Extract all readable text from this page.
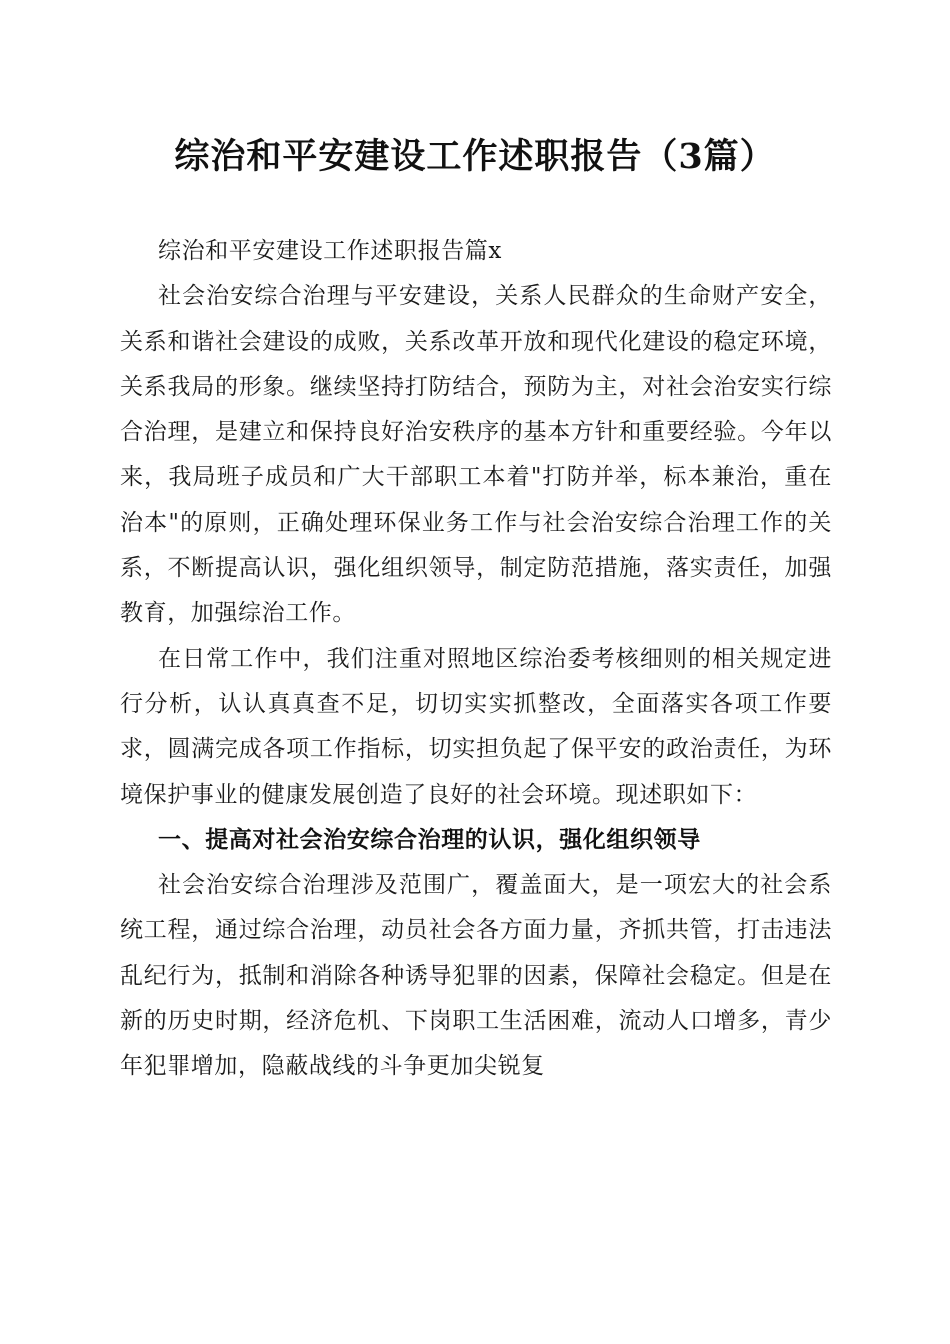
综治和平安建设工作述职报告（3篇）

综治和平安建设工作述职报告篇x

社会治安综合治理与平安建设，关系人民群众的生命财产安全，关系和谐社会建设的成败，关系改革开放和现代化建设的稳定环境，关系我局的形象。继续坚持打防结合，预防为主，对社会治安实行综合治理，是建立和保持良好治安秩序的基本方针和重要经验。今年以来，我局班子成员和广大干部职工本着"打防并举，标本兼治，重在治本"的原则，正确处理环保业务工作与社会治安综合治理工作的关系，不断提高认识，强化组织领导，制定防范措施，落实责任，加强教育，加强综治工作。

在日常工作中，我们注重对照地区综治委考核细则的相关规定进行分析，认认真真查不足，切切实实抓整改，全面落实各项工作要求，圆满完成各项工作指标，切实担负起了保平安的政治责任，为环境保护事业的健康发展创造了良好的社会环境。现述职如下：

一、提高对社会治安综合治理的认识，强化组织领导

社会治安综合治理涉及范围广，覆盖面大，是一项宏大的社会系统工程，通过综合治理，动员社会各方面力量，齐抓共管，打击违法乱纪行为，抵制和消除各种诱导犯罪的因素，保障社会稳定。但是在新的历史时期，经济危机、下岗职工生活困难，流动人口增多，青少年犯罪增加，隐蔽战线的斗争更加尖锐复
